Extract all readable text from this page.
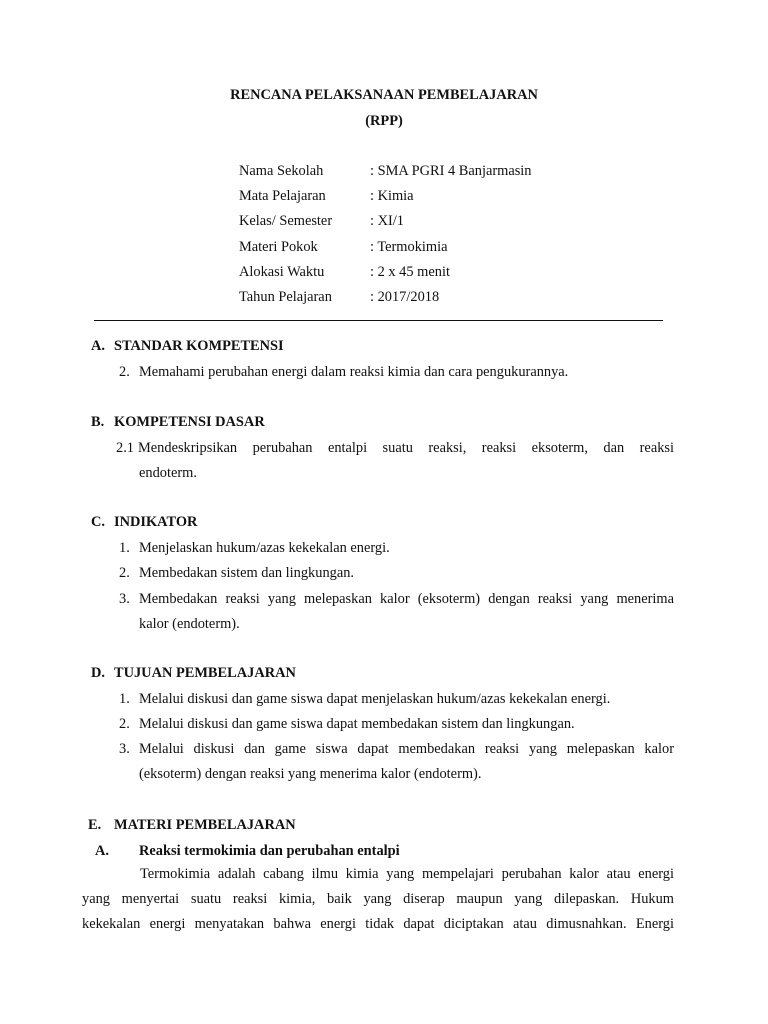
RENCANA PELAKSANAAN PEMBELAJARAN
(RPP)
Nama Sekolah	: SMA PGRI 4 Banjarmasin
Mata Pelajaran	: Kimia
Kelas/ Semester	: XI/1
Materi Pokok	: Termokimia
Alokasi Waktu	: 2 x 45 menit
Tahun Pelajaran	: 2017/2018
A. STANDAR KOMPETENSI
2. Memahami perubahan energi dalam reaksi kimia dan cara pengukurannya.
B. KOMPETENSI DASAR
2.1 Mendeskripsikan perubahan entalpi suatu reaksi, reaksi eksoterm, dan reaksi
endoterm.
C. INDIKATOR
1. Menjelaskan hukum/azas kekekalan energi.
2. Membedakan sistem dan lingkungan.
3. Membedakan reaksi yang melepaskan kalor (eksoterm) dengan reaksi yang menerima
kalor (endoterm).
D. TUJUAN PEMBELAJARAN
1. Melalui diskusi dan game siswa dapat menjelaskan hukum/azas kekekalan energi.
2. Melalui diskusi dan game siswa dapat membedakan sistem dan lingkungan.
3. Melalui diskusi dan game siswa dapat membedakan reaksi yang melepaskan kalor
(eksoterm) dengan reaksi yang menerima kalor (endoterm).
E. MATERI PEMBELAJARAN
A.	Reaksi termokimia dan perubahan entalpi
Termokimia adalah cabang ilmu kimia yang mempelajari perubahan kalor atau energi
yang menyertai suatu reaksi kimia, baik yang diserap maupun yang dilepaskan. Hukum
kekekalan energi menyatakan bahwa energi tidak dapat diciptakan atau dimusnahkan. Energi
